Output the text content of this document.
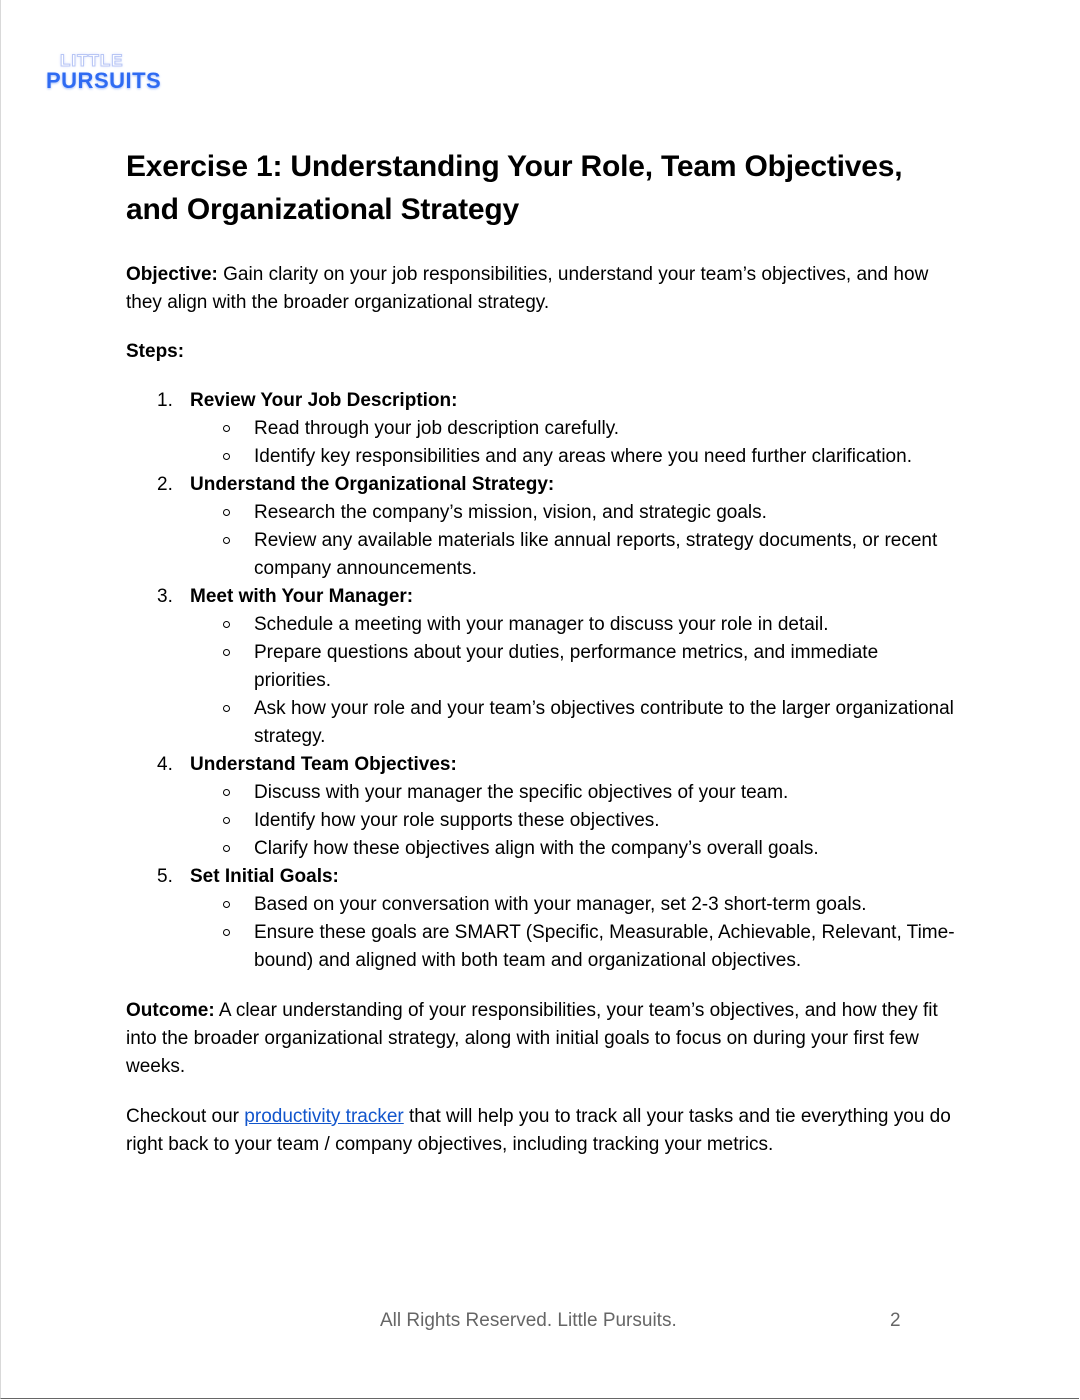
LITTLE
PURSUITS
Exercise 1: Understanding Your Role, Team Objectives, and Organizational Strategy

Objective: Gain clarity on your job responsibilities, understand your team’s objectives, and how they align with the broader organizational strategy.

Steps:

1. Review Your Job Description:
Read through your job description carefully.
Identify key responsibilities and any areas where you need further clarification.
2. Understand the Organizational Strategy:
Research the company’s mission, vision, and strategic goals.
Review any available materials like annual reports, strategy documents, or recent company announcements.
3. Meet with Your Manager:
Schedule a meeting with your manager to discuss your role in detail.
Prepare questions about your duties, performance metrics, and immediate priorities.
Ask how your role and your team’s objectives contribute to the larger organizational strategy.
4. Understand Team Objectives:
Discuss with your manager the specific objectives of your team.
Identify how your role supports these objectives.
Clarify how these objectives align with the company’s overall goals.
5. Set Initial Goals:
Based on your conversation with your manager, set 2-3 short-term goals.
Ensure these goals are SMART (Specific, Measurable, Achievable, Relevant, Time-bound) and aligned with both team and organizational objectives.

Outcome: A clear understanding of your responsibilities, your team’s objectives, and how they fit into the broader organizational strategy, along with initial goals to focus on during your first few weeks.

Checkout our productivity tracker that will help you to track all your tasks and tie everything you do right back to your team / company objectives, including tracking your metrics.

All Rights Reserved. Little Pursuits.	2
